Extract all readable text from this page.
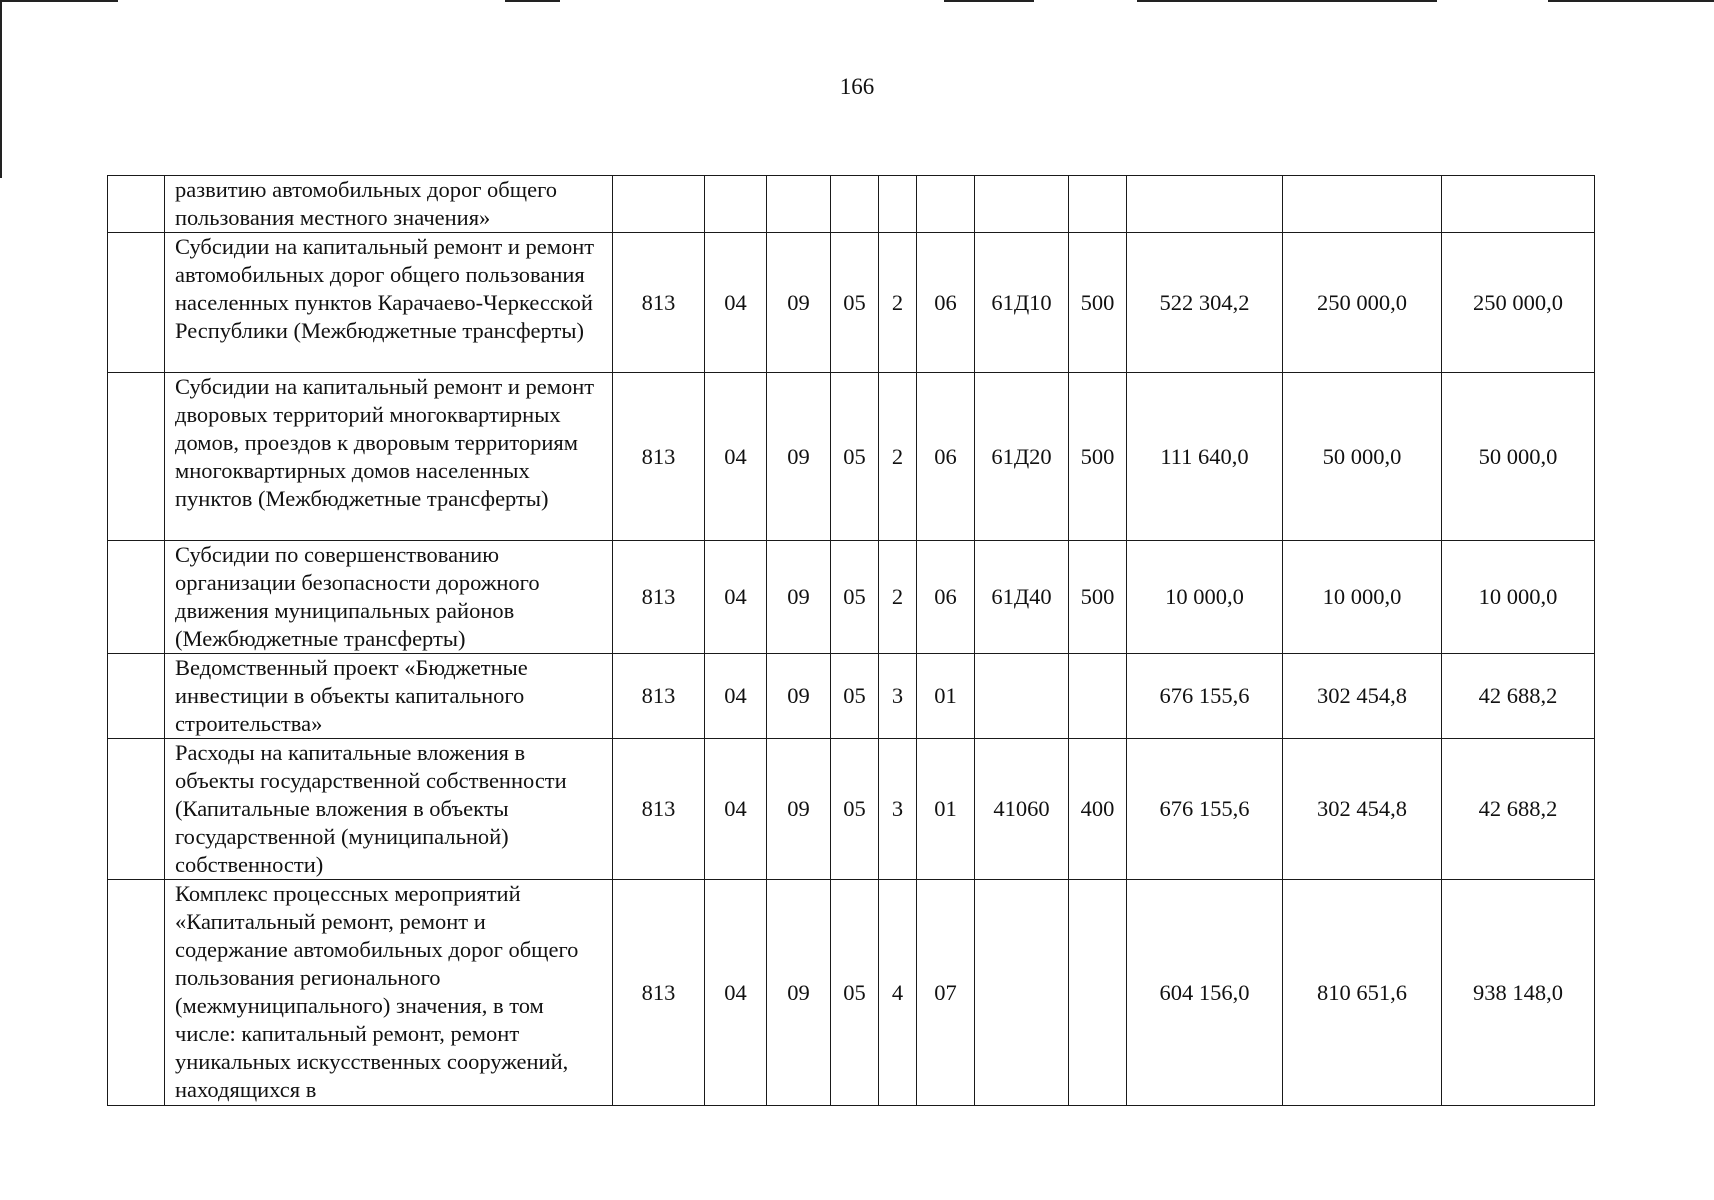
166
	развитию автомобильных дорог общего пользования местного значения»											
	Субсидии на капитальный ремонт и ремонт автомобильных дорог общего пользования населенных пунктов Карачаево-Черкесской Республики (Межбюджетные трансферты)	813	04	09	05	2	06	61Д10	500	522 304,2	250 000,0	250 000,0
	Субсидии на капитальный ремонт и ремонт дворовых территорий многоквартирных домов, проездов к дворовым территориям многоквартирных домов населенных пунктов (Межбюджетные трансферты)	813	04	09	05	2	06	61Д20	500	111 640,0	50 000,0	50 000,0
	Субсидии по совершенствованию организации безопасности дорожного движения муниципальных районов (Межбюджетные трансферты)	813	04	09	05	2	06	61Д40	500	10 000,0	10 000,0	10 000,0
	Ведомственный проект «Бюджетные инвестиции в объекты капитального строительства»	813	04	09	05	3	01			676 155,6	302 454,8	42 688,2
	Расходы на капитальные вложения в объекты государственной собственности (Капитальные вложения в объекты государственной (муниципальной) собственности)	813	04	09	05	3	01	41060	400	676 155,6	302 454,8	42 688,2
	Комплекс процессных мероприятий «Капитальный ремонт, ремонт и содержание автомобильных дорог общего пользования регионального (межмуниципального) значения, в том числе: капитальный ремонт, ремонт уникальных искусственных сооружений, находящихся в	813	04	09	05	4	07			604 156,0	810 651,6	938 148,0
